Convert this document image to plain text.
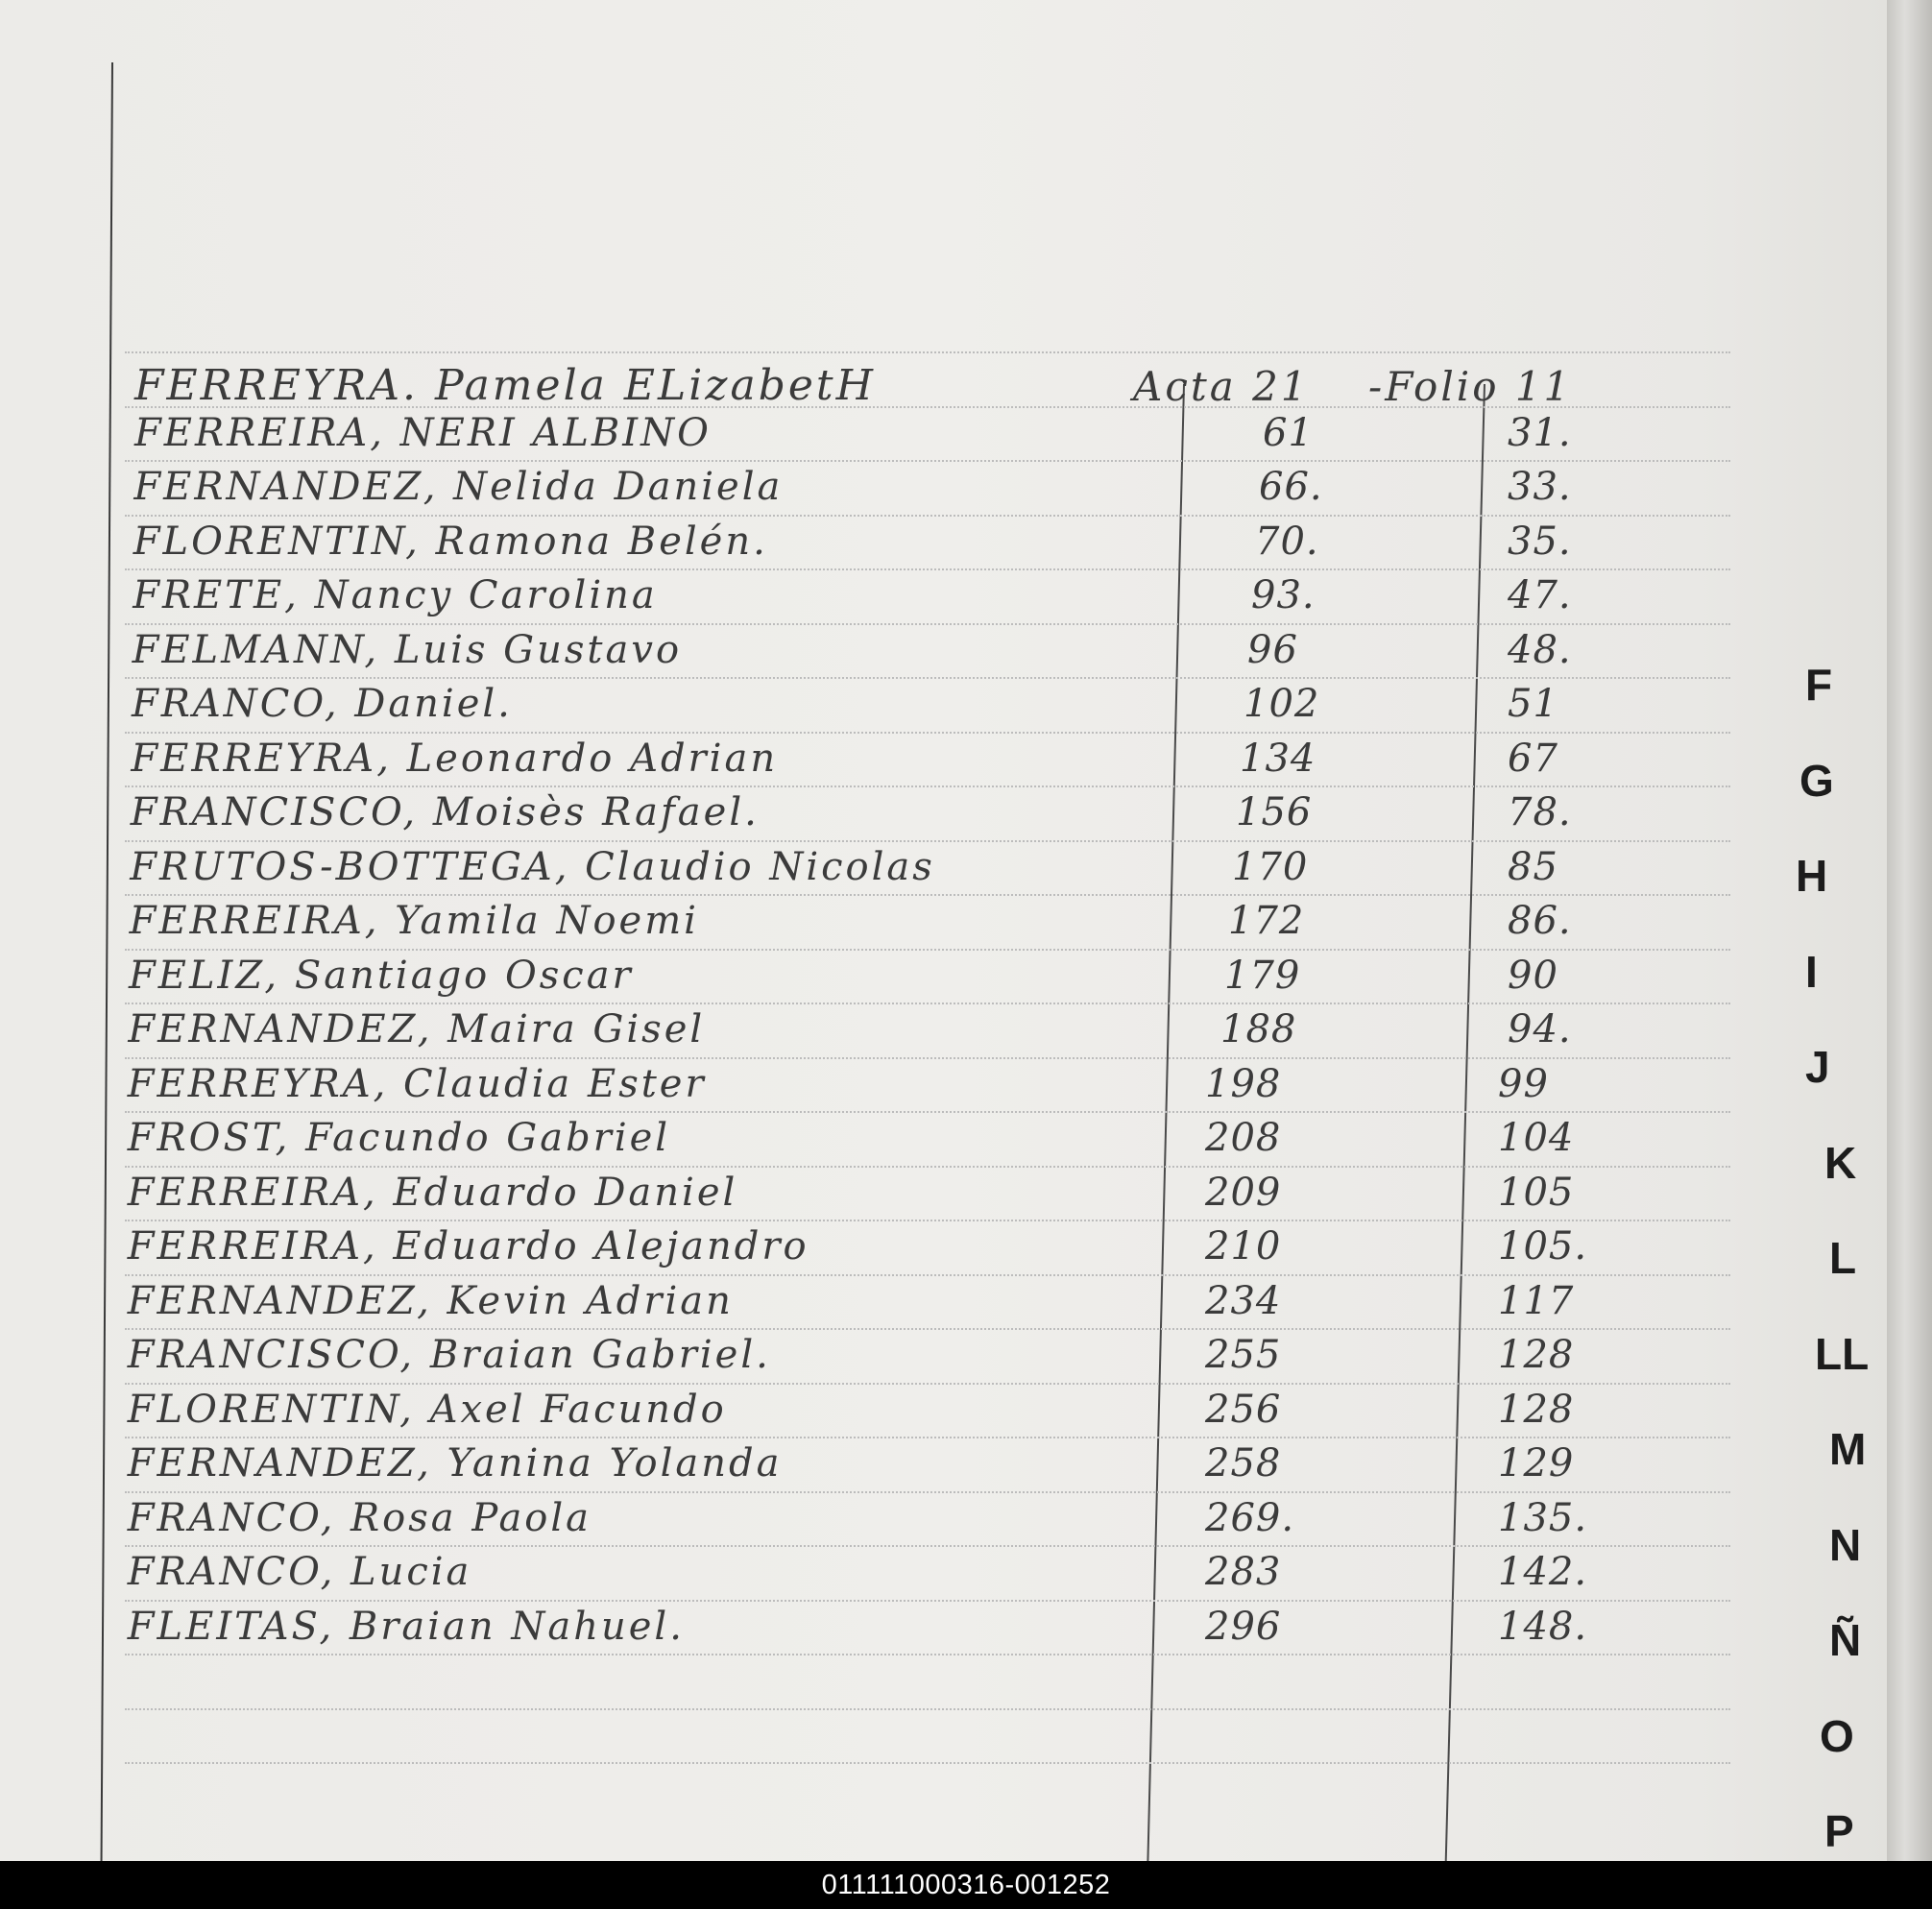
FERREYRA. Pamela ELizabetH	Acta 21 -Folio 11
FERREIRA, NERI ALBINO	61	31.
FERNANDEZ, Nelida Daniela	66.	33.
FLORENTIN, Ramona Belén.	70.	35.
FRETE, Nancy Carolina	93.	47.
FELMANN, Luis Gustavo	96	48.
FRANCO, Daniel.	102	51
FERREYRA, Leonardo Adrian	134	67
FRANCISCO, Moisès Rafael.	156	78.
FRUTOS-BOTTEGA, Claudio Nicolas	170	85
FERREIRA, Yamila Noemi	172	86.
FELIZ, Santiago Oscar	179	90
FERNANDEZ, Maira Gisel	188	94.
FERREYRA, Claudia Ester	198	99
FROST, Facundo Gabriel	208	104
FERREIRA, Eduardo Daniel	209	105
FERREIRA, Eduardo Alejandro	210	105.
FERNANDEZ, Kevin Adrian	234	117
FRANCISCO, Braian Gabriel.	255	128
FLORENTIN, Axel Facundo	256	128
FERNANDEZ, Yanina Yolanda	258	129
FRANCO, Rosa Paola	269.	135.
FRANCO, Lucia	283	142.
FLEITAS, Braian Nahuel.	296	148.
F
G
H
I
J
K
L
LL
M
N
Ñ
O
P
011111000316-001252
